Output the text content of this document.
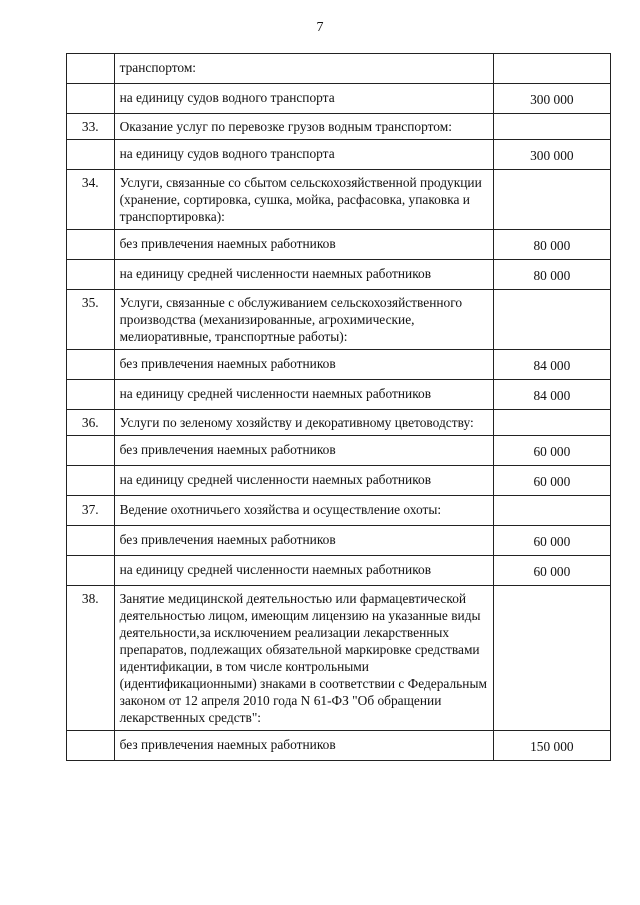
7
	транспортом:	
	на единицу судов водного транспорта	300 000
33.	Оказание услуг по перевозке грузов водным транспортом:	
	на единицу судов водного транспорта	300 000
34.	Услуги, связанные со сбытом сельскохозяйственной продукции (хранение, сортировка, сушка, мойка, расфасовка, упаковка и транспортировка):	
	без привлечения наемных работников	80 000
	на единицу средней численности наемных работников	80 000
35.	Услуги, связанные с обслуживанием сельскохозяйственного производства (механизированные, агрохимические, мелиоративные, транспортные работы):	
	без привлечения наемных работников	84 000
	на единицу средней численности наемных работников	84 000
36.	Услуги по зеленому хозяйству и декоративному цветоводству:	
	без привлечения наемных работников	60 000
	на единицу средней численности наемных работников	60 000
37.	Ведение охотничьего хозяйства и осуществление охоты:	
	без привлечения наемных работников	60 000
	на единицу средней численности наемных работников	60 000
38.	Занятие медицинской деятельностью или фармацевтической деятельностью лицом, имеющим лицензию на указанные виды деятельности,за исключением реализации лекарственных препаратов, подлежащих обязательной маркировке средствами идентификации, в том числе контрольными (идентификационными) знаками в соответствии с Федеральным законом от 12 апреля 2010 года N 61-ФЗ "Об обращении лекарственных средств":	
	без привлечения наемных работников	150 000
